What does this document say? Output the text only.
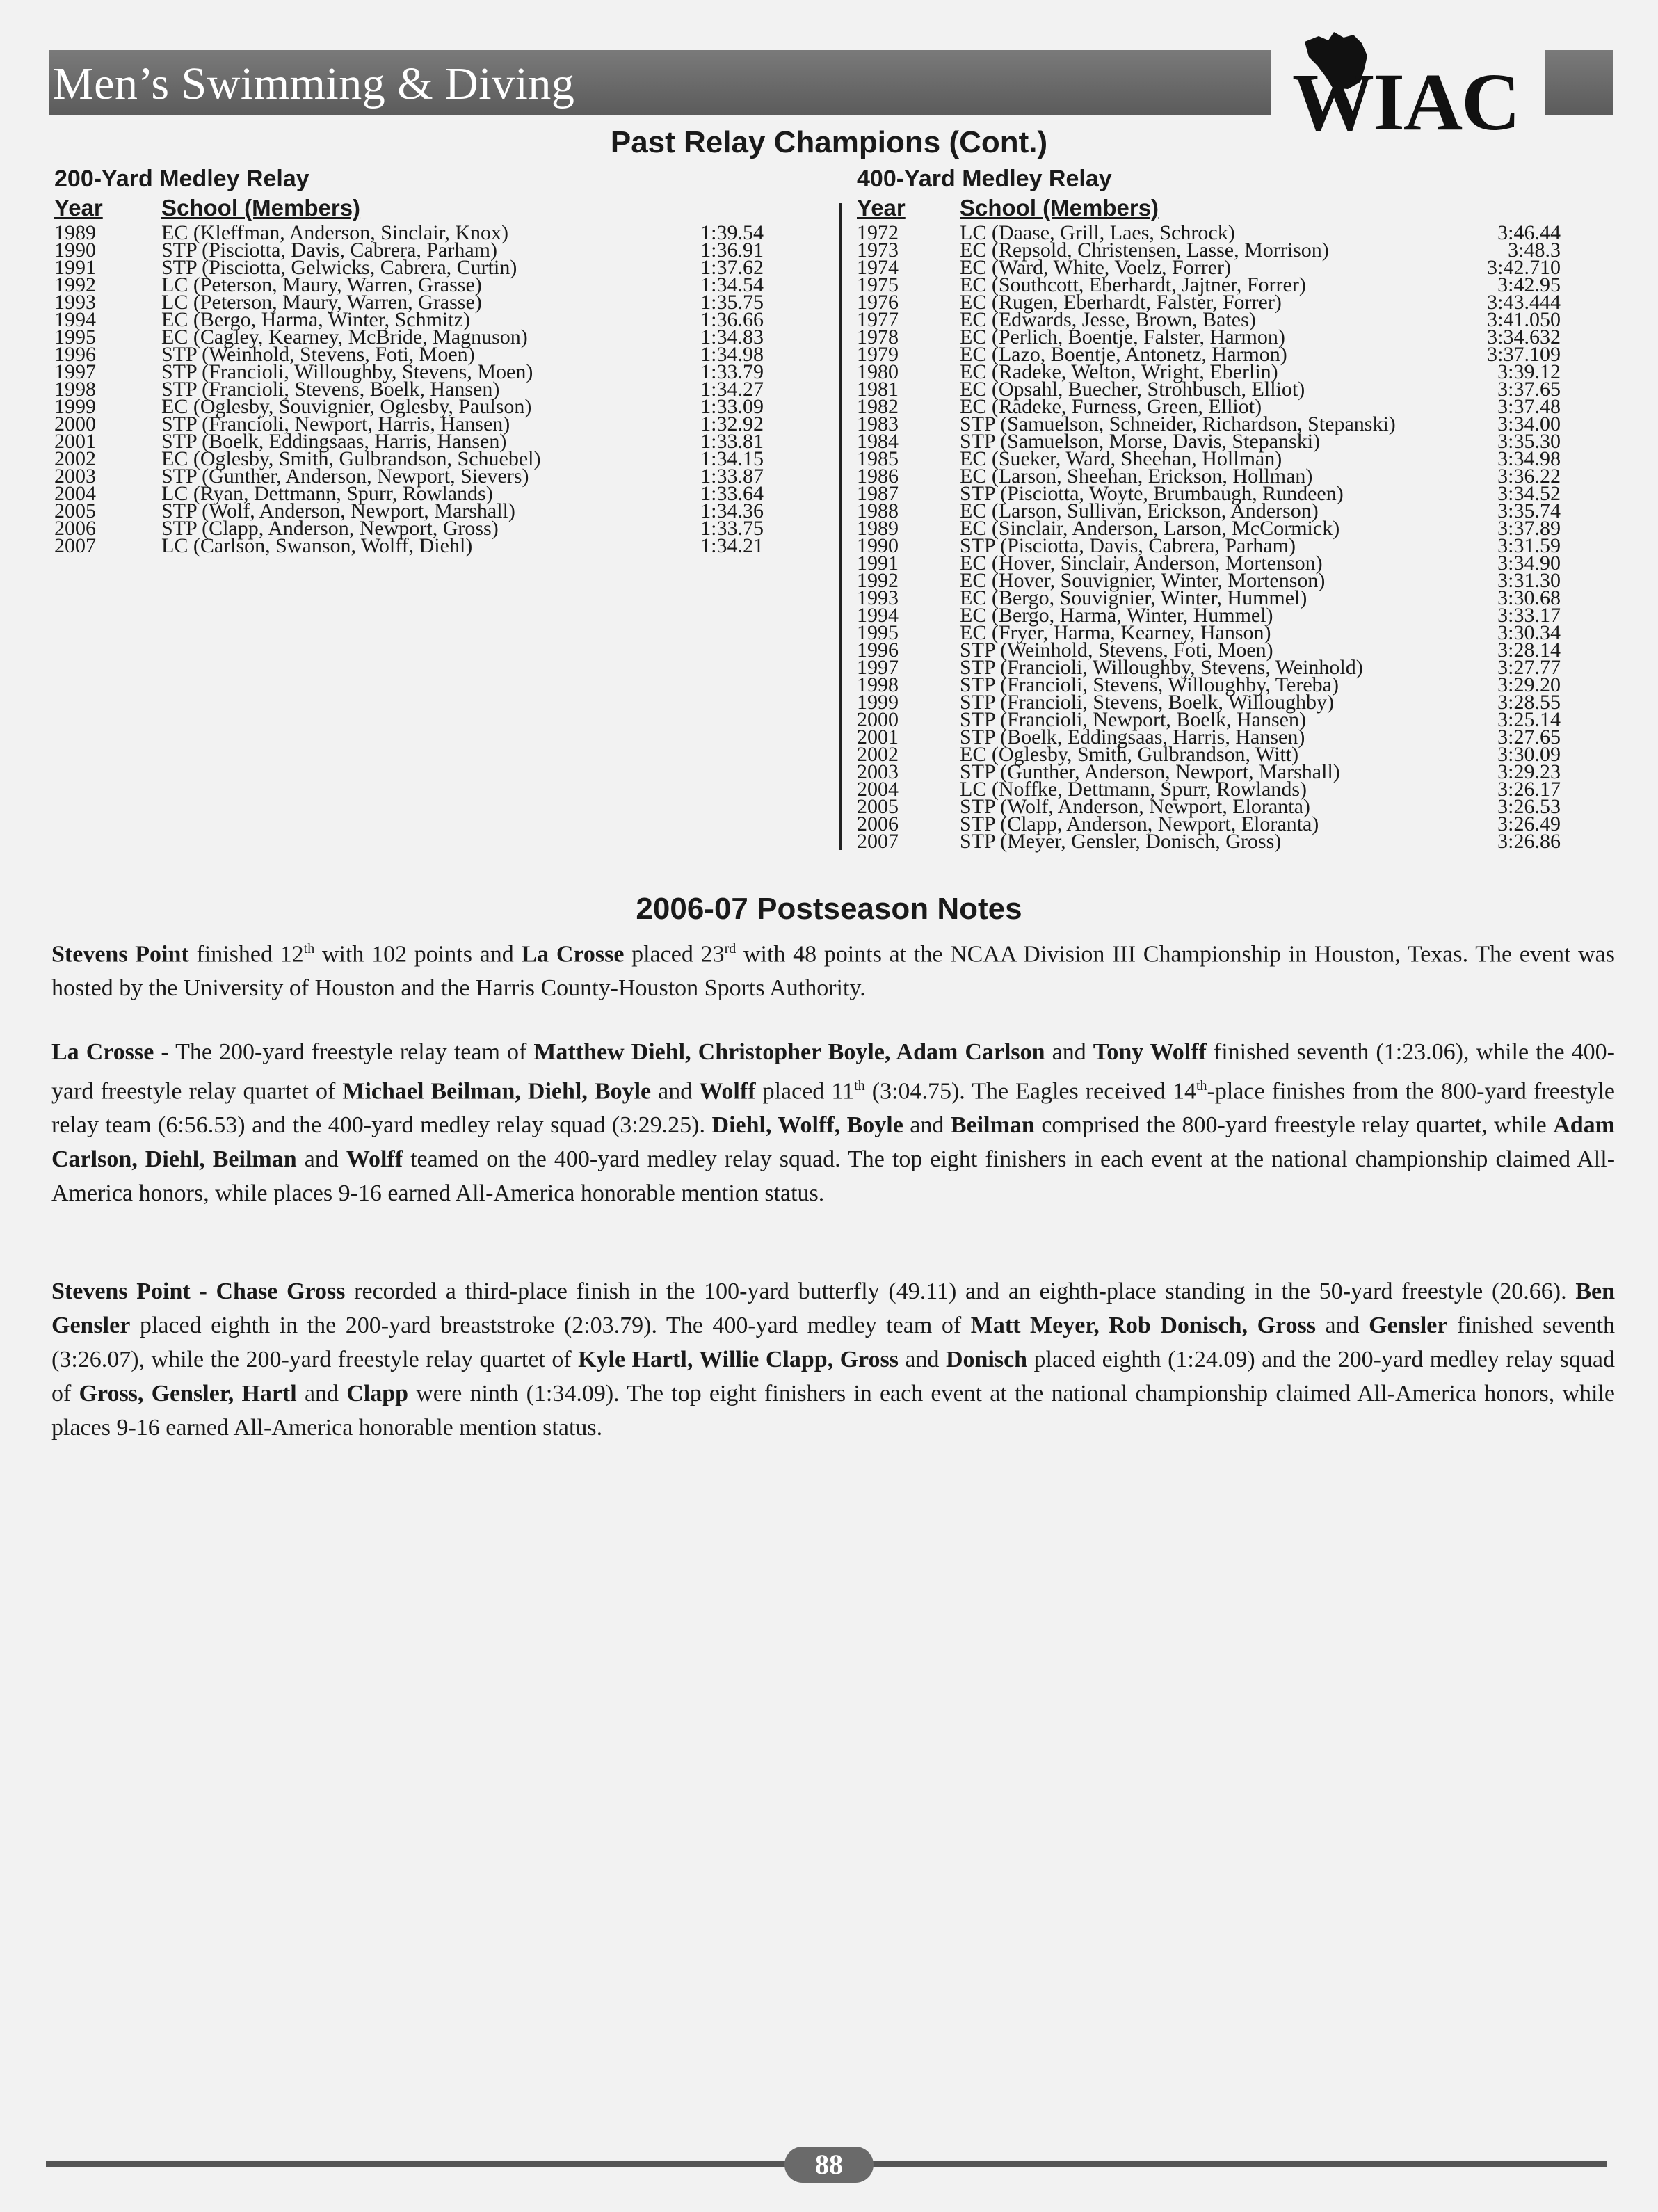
Men’s Swimming & Diving	WIAC
Past Relay Champions (Cont.)
200-Yard Medley Relay
Year	School (Members)
1989	EC (Kleffman, Anderson, Sinclair, Knox)	1:39.54
1990	STP (Pisciotta, Davis, Cabrera, Parham)	1:36.91
1991	STP (Pisciotta, Gelwicks, Cabrera, Curtin)	1:37.62
1992	LC (Peterson, Maury, Warren, Grasse)	1:34.54
1993	LC (Peterson, Maury, Warren, Grasse)	1:35.75
1994	EC (Bergo, Harma, Winter, Schmitz)	1:36.66
1995	EC (Cagley, Kearney, McBride, Magnuson)	1:34.83
1996	STP (Weinhold, Stevens, Foti, Moen)	1:34.98
1997	STP (Francioli, Willoughby, Stevens, Moen)	1:33.79
1998	STP (Francioli, Stevens, Boelk, Hansen)	1:34.27
1999	EC (Oglesby, Souvignier, Oglesby, Paulson)	1:33.09
2000	STP (Francioli, Newport, Harris, Hansen)	1:32.92
2001	STP (Boelk, Eddingsaas, Harris, Hansen)	1:33.81
2002	EC (Oglesby, Smith, Gulbrandson, Schuebel)	1:34.15
2003	STP (Gunther, Anderson, Newport, Sievers)	1:33.87
2004	LC (Ryan, Dettmann, Spurr, Rowlands)	1:33.64
2005	STP (Wolf, Anderson, Newport, Marshall)	1:34.36
2006	STP (Clapp, Anderson, Newport, Gross)	1:33.75
2007	LC (Carlson, Swanson, Wolff, Diehl)	1:34.21
400-Yard Medley Relay
Year School (Members)
1972	LC (Daase, Grill, Laes, Schrock)	3:46.44
1973	EC (Repsold, Christensen, Lasse, Morrison)	3:48.3
1974	EC (Ward, White, Voelz, Forrer)	3:42.710
1975	EC (Southcott, Eberhardt, Jajtner, Forrer)	3:42.95
1976	EC (Rugen, Eberhardt, Falster, Forrer)	3:43.444
1977	EC (Edwards, Jesse, Brown, Bates)	3:41.050
1978	EC (Perlich, Boentje, Falster, Harmon)	3:34.632
1979	EC (Lazo, Boentje, Antonetz, Harmon)	3:37.109
1980	EC (Radeke, Welton, Wright, Eberlin)	3:39.12
1981	EC (Opsahl, Buecher, Strohbusch, Elliot)	3:37.65
1982	EC (Radeke, Furness, Green, Elliot)	3:37.48
1983	STP (Samuelson, Schneider, Richardson, Stepanski)	3:34.00
1984	STP (Samuelson, Morse, Davis, Stepanski)	3:35.30
1985	EC (Sueker, Ward, Sheehan, Hollman)	3:34.98
1986	EC (Larson, Sheehan, Erickson, Hollman)	3:36.22
1987	STP (Pisciotta, Woyte, Brumbaugh, Rundeen)	3:34.52
1988	EC (Larson, Sullivan, Erickson, Anderson)	3:35.74
1989	EC (Sinclair, Anderson, Larson, McCormick)	3:37.89
1990	STP (Pisciotta, Davis, Cabrera, Parham)	3:31.59
1991	EC (Hover, Sinclair, Anderson, Mortenson)	3:34.90
1992	EC (Hover, Souvignier, Winter, Mortenson)	3:31.30
1993	EC (Bergo, Souvignier, Winter, Hummel)	3:30.68
1994	EC (Bergo, Harma, Winter, Hummel)	3:33.17
1995	EC (Fryer, Harma, Kearney, Hanson)	3:30.34
1996	STP (Weinhold, Stevens, Foti, Moen)	3:28.14
1997	STP (Francioli, Willoughby, Stevens, Weinhold)	3:27.77
1998	STP (Francioli, Stevens, Willoughby, Tereba)	3:29.20
1999	STP (Francioli, Stevens, Boelk, Willoughby)	3:28.55
2000	STP (Francioli, Newport, Boelk, Hansen)	3:25.14
2001	STP (Boelk, Eddingsaas, Harris, Hansen)	3:27.65
2002	EC (Oglesby, Smith, Gulbrandson, Witt)	3:30.09
2003	STP (Gunther, Anderson, Newport, Marshall)	3:29.23
2004	LC (Noffke, Dettmann, Spurr, Rowlands)	3:26.17
2005	STP (Wolf, Anderson, Newport, Eloranta)	3:26.53
2006	STP (Clapp, Anderson, Newport, Eloranta)	3:26.49
2007	STP (Meyer, Gensler, Donisch, Gross)	3:26.86
2006-07 Postseason Notes
Stevens Point finished 12th with 102 points and La Crosse placed 23rd with 48 points at the NCAA Division III Championship in Houston, Texas. The event was hosted by the University of Houston and the Harris County-Houston Sports Authority.
La Crosse - The 200-yard freestyle relay team of Matthew Diehl, Christopher Boyle, Adam Carlson and Tony Wolff finished seventh (1:23.06), while the 400-yard freestyle relay quartet of Michael Beilman, Diehl, Boyle and Wolff placed 11th (3:04.75). The Eagles received 14th-place finishes from the 800-yard freestyle relay team (6:56.53) and the 400-yard medley relay squad (3:29.25). Diehl, Wolff, Boyle and Beilman comprised the 800-yard freestyle relay quartet, while Adam Carlson, Diehl, Beilman and Wolff teamed on the 400-yard medley relay squad. The top eight finishers in each event at the national championship claimed All-America honors, while places 9-16 earned All-America honorable mention status.
Stevens Point - Chase Gross recorded a third-place finish in the 100-yard butterfly (49.11) and an eighth-place standing in the 50-yard freestyle (20.66). Ben Gensler placed eighth in the 200-yard breaststroke (2:03.79). The 400-yard medley team of Matt Meyer, Rob Donisch, Gross and Gensler finished seventh (3:26.07), while the 200-yard freestyle relay quartet of Kyle Hartl, Willie Clapp, Gross and Donisch placed eighth (1:24.09) and the 200-yard medley relay squad of Gross, Gensler, Hartl and Clapp were ninth (1:34.09). The top eight finishers in each event at the national championship claimed All-America honors, while places 9-16 earned All-America honorable mention status.
88
